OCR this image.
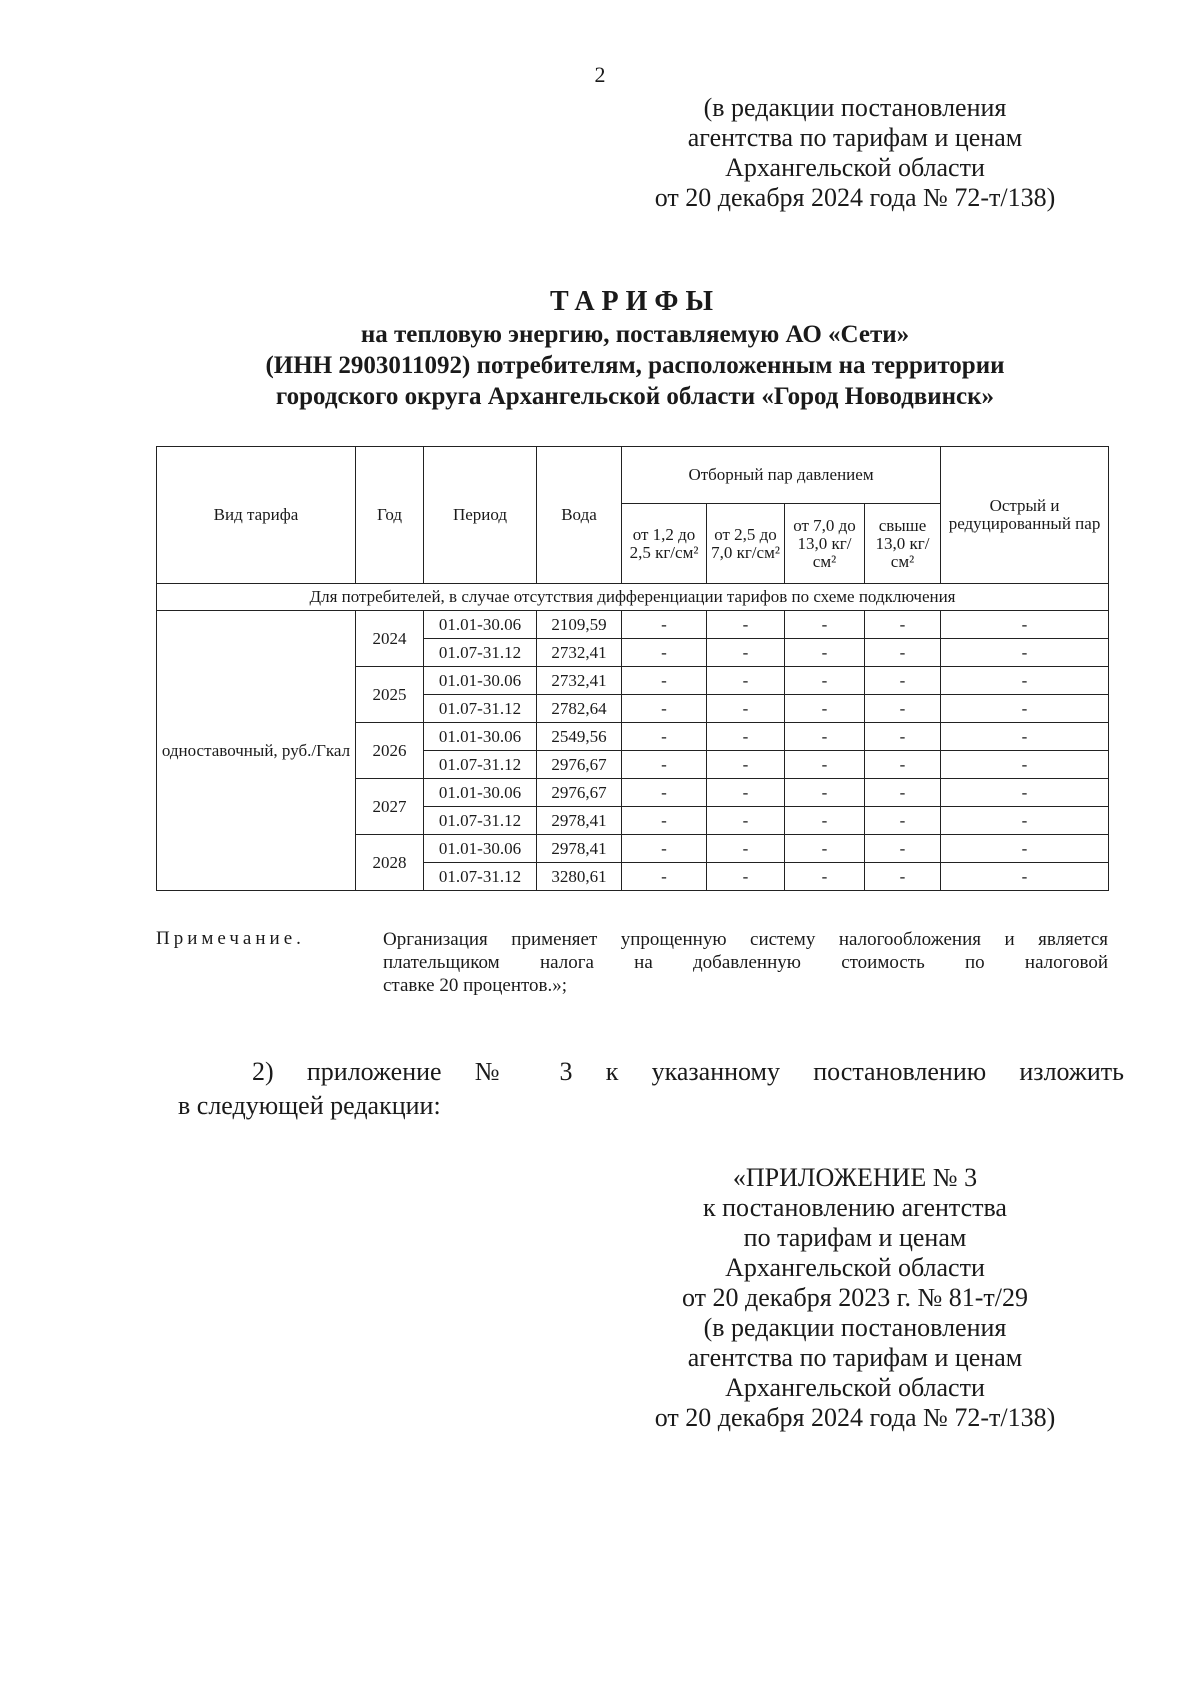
2
(в редакции постановления
агентства по тарифам и ценам
Архангельской области
от 20 декабря 2024 года № 72-т/138)
ТАРИФЫ
на тепловую энергию, поставляемую АО «Сети»
(ИНН 2903011092) потребителям, расположенным на территории
городского округа Архангельской области «Город Новодвинск»
Вид тарифа	Год	Период	Вода	Отборный пар давлением				Острый и редуцированный пар
				от 1,2 до 2,5 кг/см²	от 2,5 до 7,0 кг/см²	от 7,0 до 13,0 кг/см²	свыше 13,0 кг/см²	
Для потребителей, в случае отсутствия дифференциации тарифов по схеме подключения								
одноставочный, руб./Гкал	2024	01.01-30.06	2109,59	-	-	-	-	-
		01.07-31.12	2732,41	-	-	-	-	-
	2025	01.01-30.06	2732,41	-	-	-	-	-
		01.07-31.12	2782,64	-	-	-	-	-
	2026	01.01-30.06	2549,56	-	-	-	-	-
		01.07-31.12	2976,67	-	-	-	-	-
	2027	01.01-30.06	2976,67	-	-	-	-	-
		01.07-31.12	2978,41	-	-	-	-	-
	2028	01.01-30.06	2978,41	-	-	-	-	-
		01.07-31.12	3280,61	-	-	-	-	-
Примечание.	Организация применяет упрощенную систему налогообложения и является
плательщиком налога на добавленную стоимость по налоговой
ставке 20 процентов.»;
2) приложение № 3 к указанному постановлению изложить
в следующей редакции:
«ПРИЛОЖЕНИЕ № 3
к постановлению агентства
по тарифам и ценам
Архангельской области
от 20 декабря 2023 г. № 81-т/29
(в редакции постановления
агентства по тарифам и ценам
Архангельской области
от 20 декабря 2024 года № 72-т/138)
